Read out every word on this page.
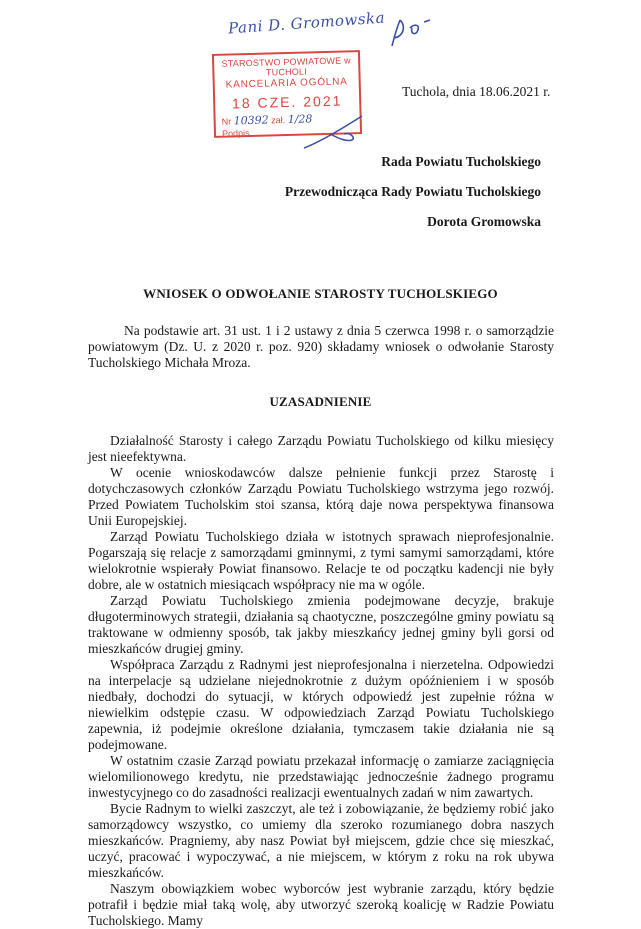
Pani D. Gromowska
STAROSTWO POWIATOWE w TUCHOLI
KANCELARIA OGÓLNA
18 CZE. 2021
Nr 10392 zał. 1/28
Podpis
Tuchola, dnia 18.06.2021 r.
Rada Powiatu Tucholskiego
Przewodnicząca Rady Powiatu Tucholskiego
Dorota Gromowska
WNIOSEK O ODWOŁANIE STAROSTY TUCHOLSKIEGO
Na podstawie art. 31 ust. 1 i 2 ustawy z dnia 5 czerwca 1998 r. o samorządzie powiatowym (Dz. U. z 2020 r. poz. 920) składamy wniosek o odwołanie Starosty Tucholskiego Michała Mroza.
UZASADNIENIE

Działalność Starosty i całego Zarządu Powiatu Tucholskiego od kilku miesięcy jest nieefektywna.

W ocenie wnioskodawców dalsze pełnienie funkcji przez Starostę i dotychczasowych członków Zarządu Powiatu Tucholskiego wstrzyma jego rozwój. Przed Powiatem Tucholskim stoi szansa, którą daje nowa perspektywa finansowa Unii Europejskiej.

Zarząd Powiatu Tucholskiego działa w istotnych sprawach nieprofesjonalnie. Pogarszają się relacje z samorządami gminnymi, z tymi samymi samorządami, które wielokrotnie wspierały Powiat finansowo. Relacje te od początku kadencji nie były dobre, ale w ostatnich miesiącach współpracy nie ma w ogóle.

Zarząd Powiatu Tucholskiego zmienia podejmowane decyzje, brakuje długoterminowych strategii, działania są chaotyczne, poszczególne gminy powiatu są traktowane w odmienny sposób, tak jakby mieszkańcy jednej gminy byli gorsi od mieszkańców drugiej gminy.

Współpraca Zarządu z Radnymi jest nieprofesjonalna i nierzetelna. Odpowiedzi na interpelacje są udzielane niejednokrotnie z dużym opóźnieniem i w sposób niedbały, dochodzi do sytuacji, w których odpowiedź jest zupełnie różna w niewielkim odstępie czasu. W odpowiedziach Zarząd Powiatu Tucholskiego zapewnia, iż podejmie określone działania, tymczasem takie działania nie są podejmowane.

W ostatnim czasie Zarząd powiatu przekazał informację o zamiarze zaciągnięcia wielomilionowego kredytu, nie przedstawiając jednocześnie żadnego programu inwestycyjnego co do zasadności realizacji ewentualnych zadań w nim zawartych.

Bycie Radnym to wielki zaszczyt, ale też i zobowiązanie, że będziemy robić jako samorządowcy wszystko, co umiemy dla szeroko rozumianego dobra naszych mieszkańców. Pragniemy, aby nasz Powiat był miejscem, gdzie chce się mieszkać, uczyć, pracować i wypoczywać, a nie miejscem, w którym z roku na rok ubywa mieszkańców.

Naszym obowiązkiem wobec wyborców jest wybranie zarządu, który będzie potrafił i będzie miał taką wolę, aby utworzyć szeroką koalicję w Radzie Powiatu Tucholskiego. Mamy
